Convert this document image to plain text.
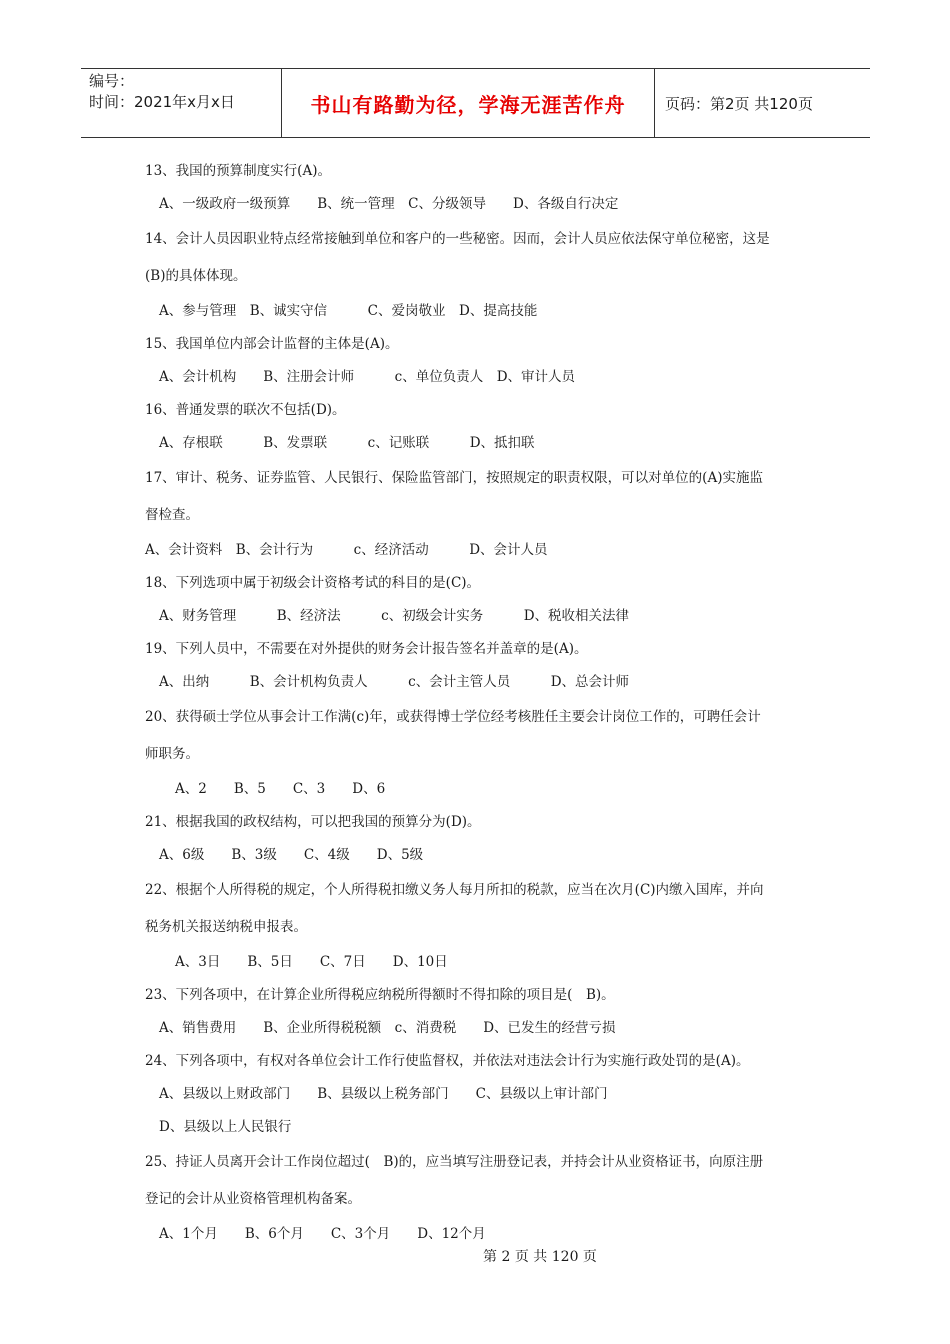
编号：
时间：2021年x月x日	书山有路勤为径，学海无涯苦作舟	页码：第2页 共120页
13、我国的预算制度实行(A)。
A、一级政府一级预算　　B、统一管理　C、分级领导　　D、各级自行决定
14、会计人员因职业特点经常接触到单位和客户的一些秘密。因而，会计人员应依法保守单位秘密，这是
(B)的具体体现。
A、参与管理　B、诚实守信　　　C、爱岗敬业　D、提高技能
15、我国单位内部会计监督的主体是(A)。
A、会计机构　　B、注册会计师　　　c、单位负责人　D、审计人员
16、普通发票的联次不包括(D)。
A、存根联　　　B、发票联　　　c、记账联　　　D、抵扣联
17、审计、税务、证券监管、人民银行、保险监管部门，按照规定的职责权限，可以对单位的(A)实施监
督检查。
A、会计资料　B、会计行为　　　c、经济活动　　　D、会计人员
18、下列选项中属于初级会计资格考试的科目的是(C)。
A、财务管理　　　B、经济法　　　c、初级会计实务　　　D、税收相关法律
19、下列人员中，不需要在对外提供的财务会计报告签名并盖章的是(A)。
A、出纳　　　B、会计机构负责人　　　c、会计主管人员　　　D、总会计师
20、获得硕士学位从事会计工作满(c)年，或获得博士学位经考核胜任主要会计岗位工作的，可聘任会计
师职务。
A、2　　B、5　　C、3　　D、6
21、根据我国的政权结构，可以把我国的预算分为(D)。
A、6级　　B、3级　　C、4级　　D、5级
22、根据个人所得税的规定，个人所得税扣缴义务人每月所扣的税款，应当在次月(C)内缴入国库，并向
税务机关报送纳税申报表。
A、3日　　B、5日　　C、7日　　D、10日
23、下列各项中，在计算企业所得税应纳税所得额时不得扣除的项目是(　B)。
A、销售费用　　B、企业所得税税额　c、消费税　　D、已发生的经营亏损
24、下列各项中，有权对各单位会计工作行使监督权，并依法对违法会计行为实施行政处罚的是(A)。
A、县级以上财政部门　　B、县级以上税务部门　　C、县级以上审计部门
D、县级以上人民银行
25、持证人员离开会计工作岗位超过(　B)的，应当填写注册登记表，并持会计从业资格证书，向原注册
登记的会计从业资格管理机构备案。
A、1个月　　B、6个月　　C、3个月　　D、12个月
第 2 页 共 120 页
